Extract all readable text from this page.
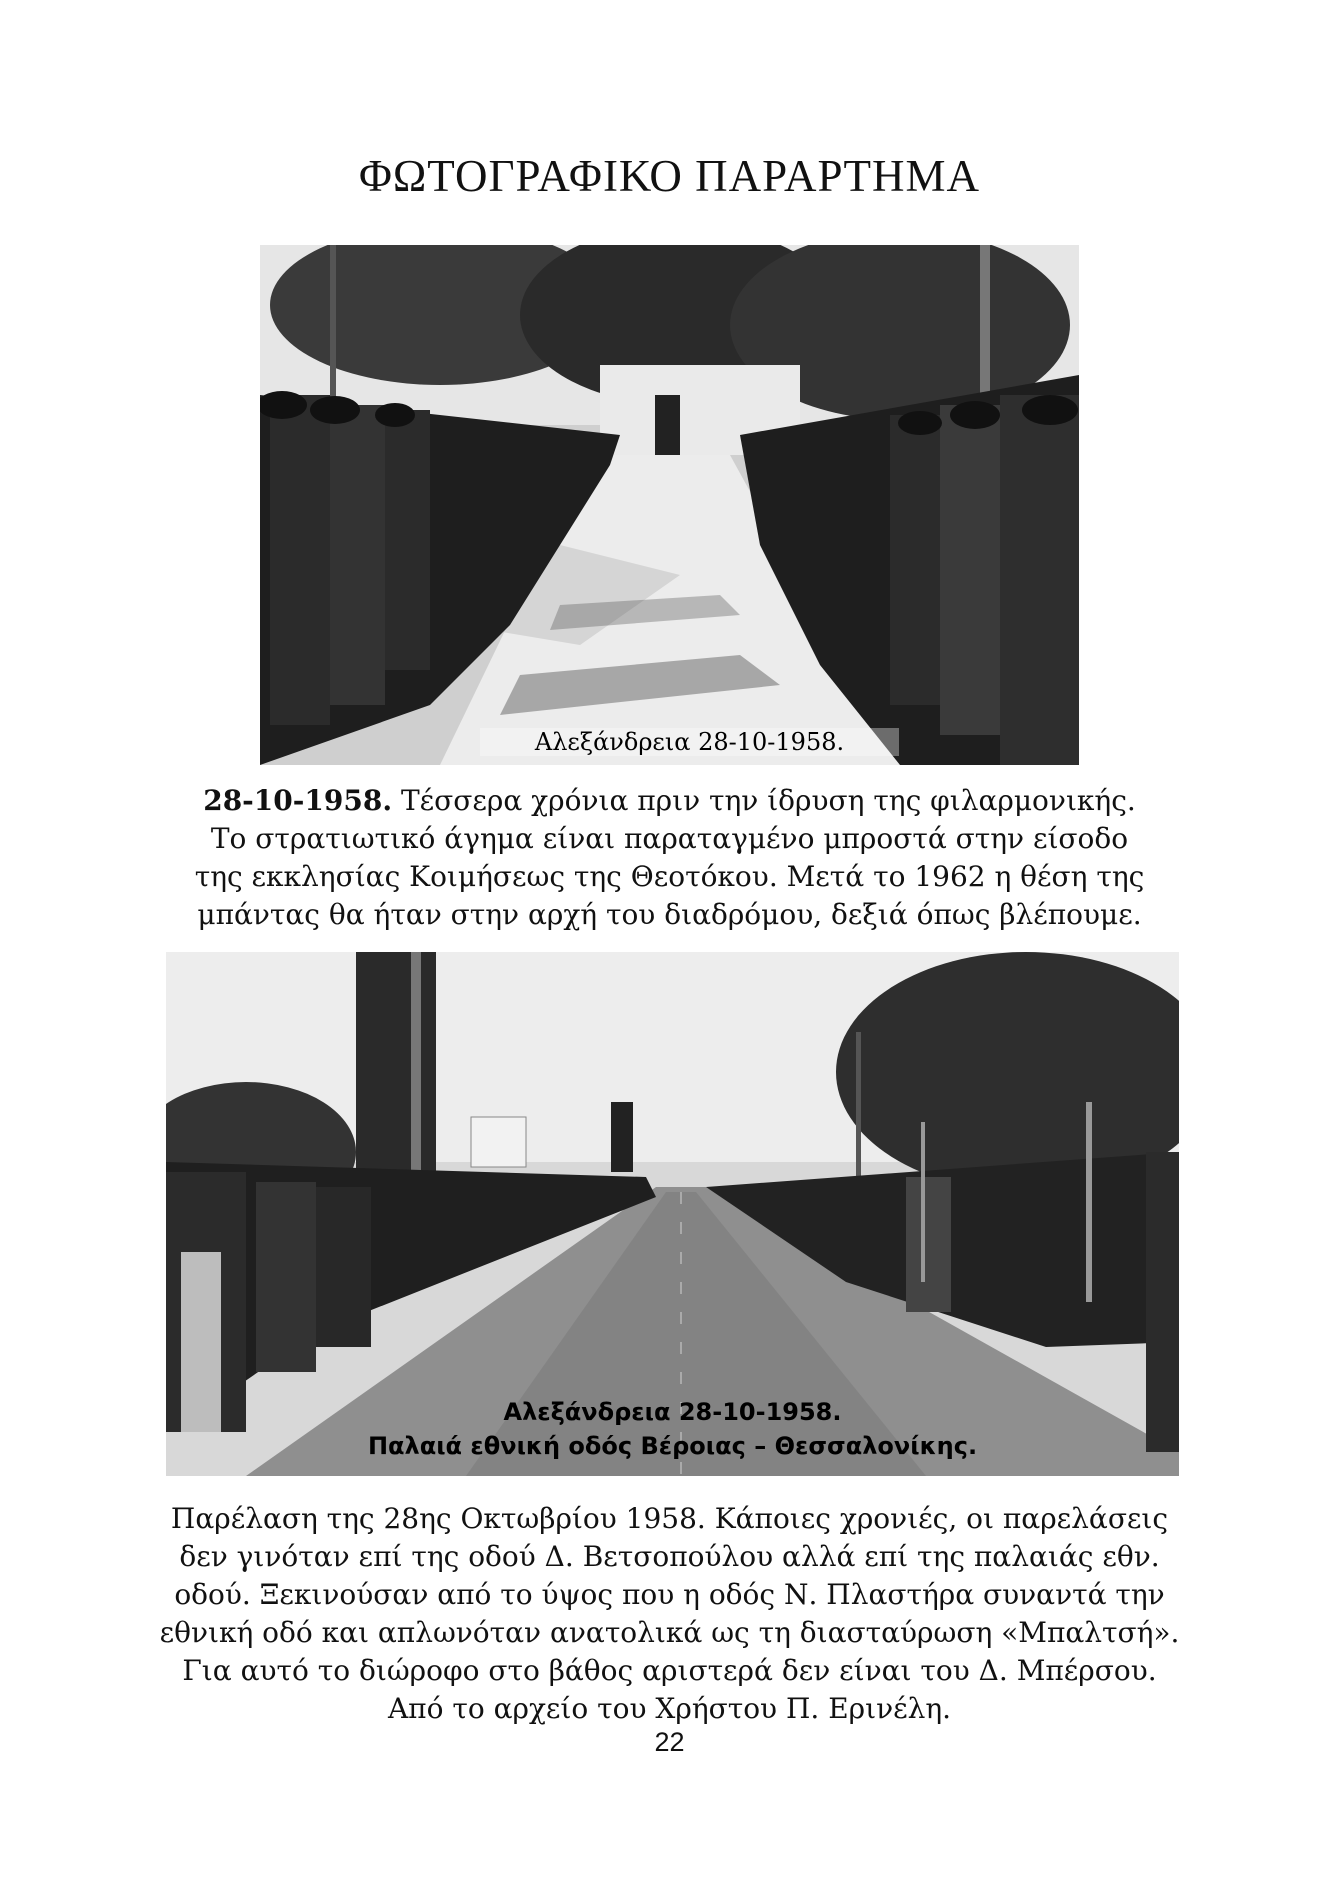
ΦΩΤΟΓΡΑΦΙΚΟ ΠΑΡΑΡΤΗΜΑ
Αλεξάνδρεια 28-10-1958.

28-10-1958. Τέσσερα χρόνια πριν την ίδρυση της φιλαρμονικής.

Το στρατιωτικό άγημα είναι παραταγμένο μπροστά στην είσοδο

της εκκλησίας Κοιμήσεως της Θεοτόκου. Μετά το 1962 η θέση της

μπάντας θα ήταν στην αρχή του διαδρόμου, δεξιά όπως βλέπουμε.

Αλεξάνδρεια 28-10-1958.
Παλαιά εθνική οδός Βέροιας – Θεσσαλονίκης.

Παρέλαση της 28ης Οκτωβρίου 1958. Κάποιες χρονιές, οι παρελάσεις

δεν γινόταν επί της οδού Δ. Βετσοπούλου αλλά επί της παλαιάς εθν.

οδού. Ξεκινούσαν από το ύψος που η οδός Ν. Πλαστήρα συναντά την

εθνική οδό και απλωνόταν ανατολικά ως τη διασταύρωση «Μπαλτσή».

Για αυτό το διώροφο στο βάθος αριστερά δεν είναι του Δ. Μπέρσου.

Από το αρχείο του Χρήστου Π. Ερινέλη.

22
